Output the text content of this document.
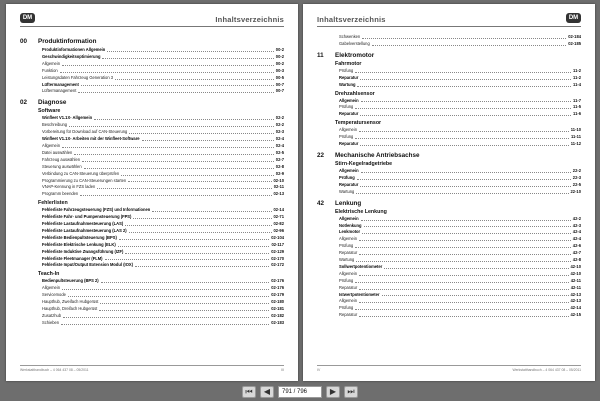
DM	Inhaltsverzeichnis
00	Produktinformation
Produktinformationen Allgemein	00-2
Geschwindigkeitsoptimierung	00-2
Allgemein	00-2
Funktion	00-3
Leistungsdaten Fahrzeug Generation 3	00-5
Lüftermanagement	00-7
Lüftermanagement	00-7
02	Diagnose
Software
Winfleet V1.1X- Allgemein	02-2
Beschreibung	02-2
Vorbereitung für Download auf CAN-Steuerung	02-3
Winfleet V1.1X- Arbeiten mit der Winfleet-Software	02-4
Allgemein	02-4
Datei auswählen	02-5
Fahrzeug auswählen	02-7
Steuerung auswählen	02-8
Verbindung zu CAN-Steuerung überprüfen	02-9
Programmierung zu CAN-Steuerungen starten	02-10
VNAP-Kennung in FZS laden	02-11
Programm beenden	02-13
Fehlerlisten
Fehlerliste Fahrzeugsteuerung (FZS) und Informationen	02-14
Fehlerliste Fahr- und Pumpensteuerung (FPS)	02-71
Fehlerliste Lastaufnahmesteuerung (LAS)	02-82
Fehlerliste Lastaufnahmesteuerung (LAS 2)	02-96
Fehlerliste Bedienpultsteuerung (BPS)	02-104
Fehlerliste Elektrische Lenkung (ELK)	02-117
Fehlerliste Induktive Zwangsführung (IZF)	02-129
Fehlerliste Fleetmanager (FLM)	02-170
Fehlerliste Input/Output Extension Modul (IOX)	02-172
Teach-In
Bedienpultsteuerung (BPS 2)	02-176
Allgemein	02-176
Servicemode	02-179
Haupthub, Zweifach Hubgerüst	02-180
Haupthub, Dreifach Hubgerüst	02-181
Zusatzhub	02-182
Schieben	02-183
Werkstatthandbuch – 4 064 437 08 – 05/2011	III
Inhaltsverzeichnis	DM
Schwenken	02-184
Gabelverstellung	02-185
11	Elektromotor
Fahrmotor
Prüfung	11-2
Reparatur	11-2
Wartung	11-4
Drehzahlsensor
Allgemein	11-7
Prüfung	11-5
Reparatur	11-6
Temperatursensor
Allgemein	11-10
Prüfung	11-11
Reparatur	11-12
22	Mechanische Antriebsachse
Stirn-Kegelradgetriebe
Allgemein	22-2
Prüfung	22-3
Reparatur	22-5
Wartung	22-10
42	Lenkung
Elektrische Lenkung
Allgemein	42-2
Notlenkung	42-3
Lenkmotor	42-4
Allgemein	42-4
Prüfung	42-6
Reparatur	42-7
Wartung	42-8
Sollwertpotentiometer	42-10
Allgemein	42-10
Prüfung	42-11
Reparatur	42-11
Istwertpotentiometer	42-13
Allgemein	42-13
Prüfung	42-14
Reparatur	42-15
IV	Werkstatthandbuch – 4 064 437 08 – 05/2011
⏮	◀	791 / 796	▶	⏭
